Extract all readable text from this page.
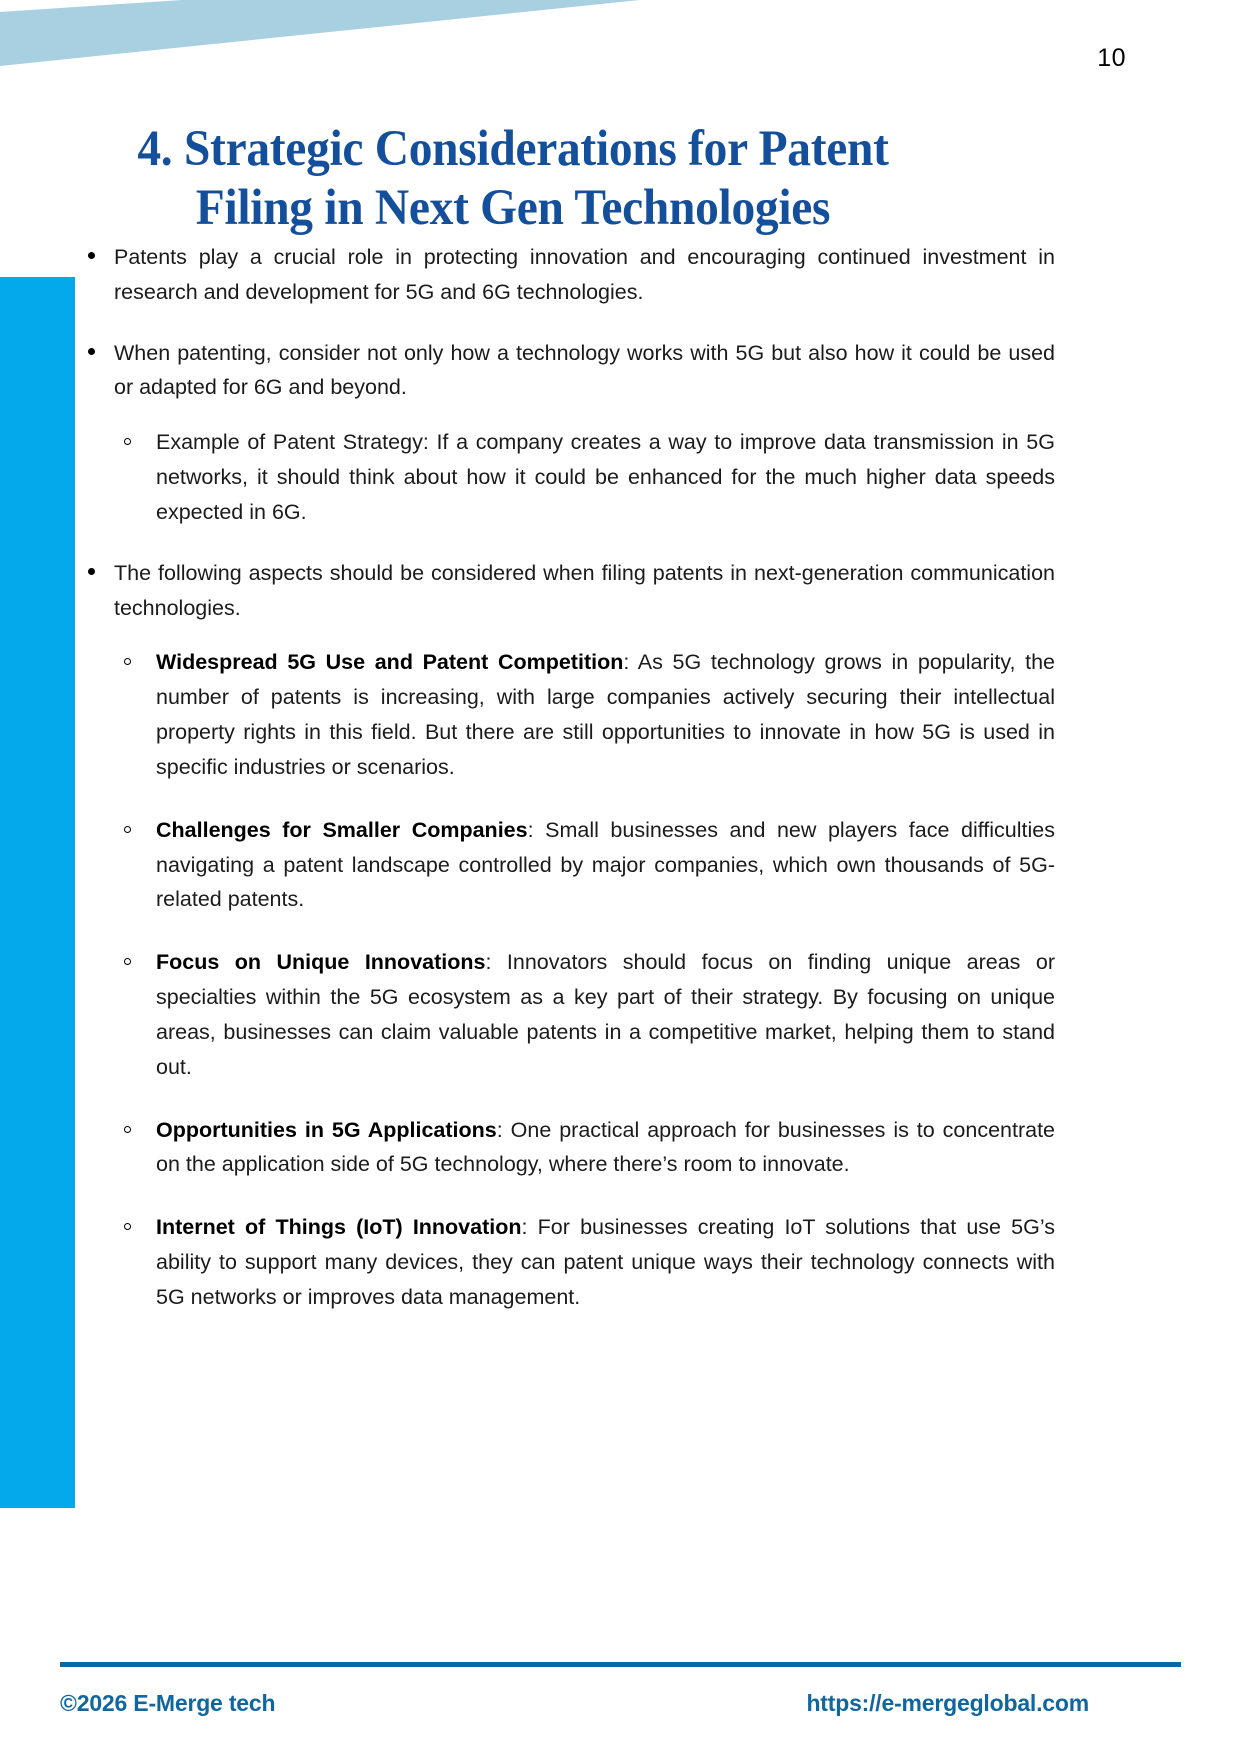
10
4. Strategic Considerations for Patent
Filing in Next Gen Technologies

Patents play a crucial role in protecting innovation and encouraging continued investment in research and development for 5G and 6G technologies.

When patenting, consider not only how a technology works with 5G but also how it could be used or adapted for 6G and beyond.

Example of Patent Strategy: If a company creates a way to improve data transmission in 5G networks, it should think about how it could be enhanced for the much higher data speeds expected in 6G.

The following aspects should be considered when filing patents in next-generation communication technologies.

Widespread 5G Use and Patent Competition: As 5G technology grows in popularity, the number of patents is increasing, with large companies actively securing their intellectual property rights in this field. But there are still opportunities to innovate in how 5G is used in specific industries or scenarios.

Challenges for Smaller Companies: Small businesses and new players face difficulties navigating a patent landscape controlled by major companies, which own thousands of 5G-related patents.

Focus on Unique Innovations: Innovators should focus on finding unique areas or specialties within the 5G ecosystem as a key part of their strategy. By focusing on unique areas, businesses can claim valuable patents in a competitive market, helping them to stand out.

Opportunities in 5G Applications: One practical approach for businesses is to concentrate on the application side of 5G technology, where there’s room to innovate.

Internet of Things (IoT) Innovation: For businesses creating IoT solutions that use 5G’s ability to support many devices, they can patent unique ways their technology connects with 5G networks or improves data management.

©2026 E-Merge tech	https://e-mergeglobal.com
